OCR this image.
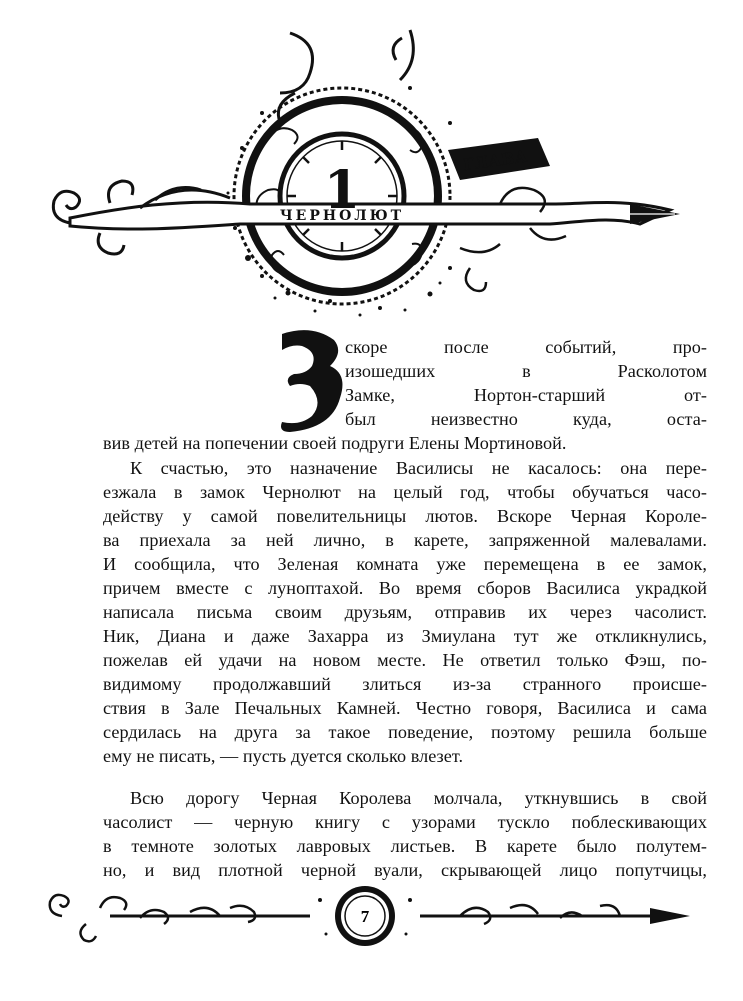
ГЛАВА
1
ЧЕРНОЛЮТ
скоре после событий, про-
изошедших в Расколотом
Замке, Нортон-старший от-
был неизвестно куда, оста-
вив детей на попечении своей подруги Елены Мортиновой.
К счастью, это назначение Василисы не касалось: она пере-
езжала в замок Чернолют на целый год, чтобы обучаться часо-
действу у самой повелительницы лютов. Вскоре Черная Короле-
ва приехала за ней лично, в карете, запряженной малевалами.
И сообщила, что Зеленая комната уже перемещена в ее замок,
причем вместе с луноптахой. Во время сборов Василиса украдкой
написала письма своим друзьям, отправив их через часолист.
Ник, Диана и даже Захарра из Змиулана тут же откликнулись,
пожелав ей удачи на новом месте. Не ответил только Фэш, по-
видимому продолжавший злиться из-за странного происше-
ствия в Зале Печальных Камней. Честно говоря, Василиса и сама
сердилась на друга за такое поведение, поэтому решила больше
ему не писать, — пусть дуется сколько влезет.
Всю дорогу Черная Королева молчала, уткнувшись в свой
часолист — черную книгу с узорами тускло поблескивающих
в темноте золотых лавровых листьев. В карете было полутем-
но, и вид плотной черной вуали, скрывающей лицо попутчицы,
7
